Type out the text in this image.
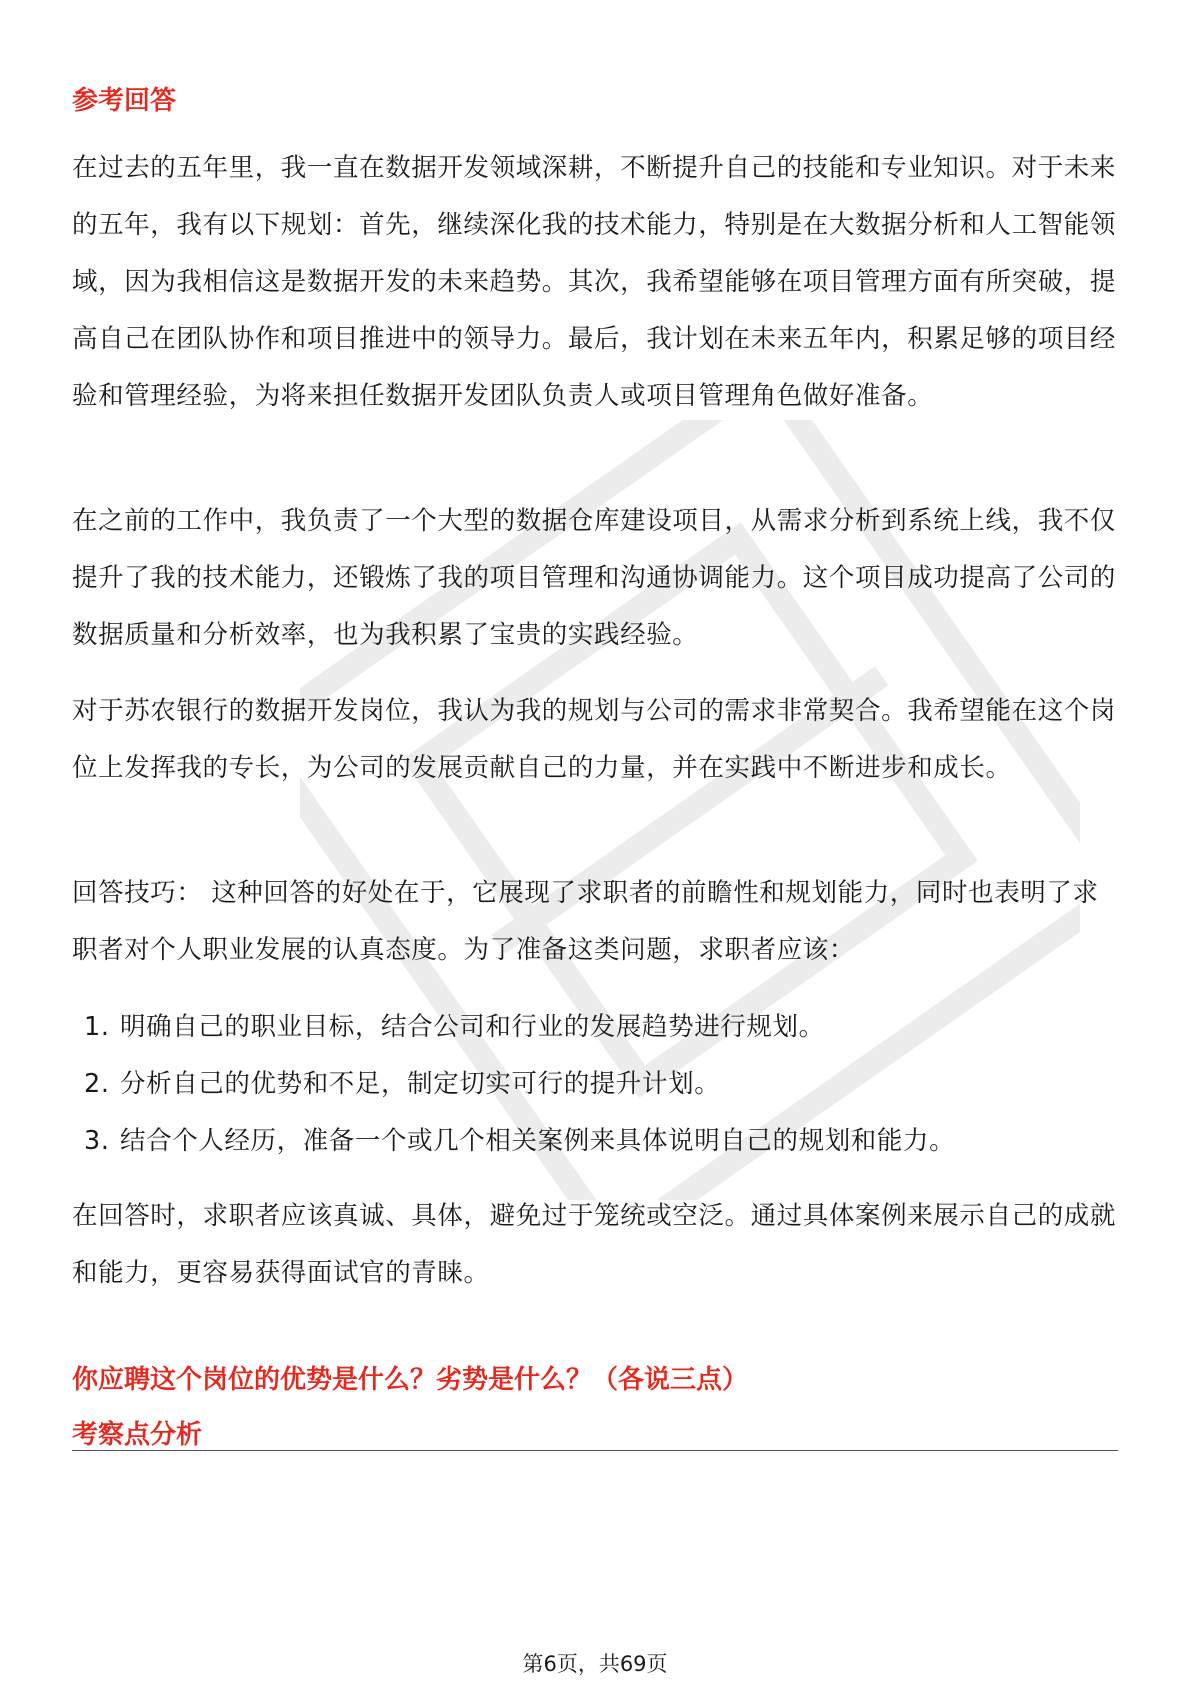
参考回答
在过去的五年里，我一直在数据开发领域深耕，不断提升自己的技能和专业知识。对于未来的五年，我有以下规划：首先，继续深化我的技术能力，特别是在大数据分析和人工智能领域，因为我相信这是数据开发的未来趋势。其次，我希望能够在项目管理方面有所突破，提高自己在团队协作和项目推进中的领导力。最后，我计划在未来五年内，积累足够的项目经验和管理经验，为将来担任数据开发团队负责人或项目管理角色做好准备。
在之前的工作中，我负责了一个大型的数据仓库建设项目，从需求分析到系统上线，我不仅提升了我的技术能力，还锻炼了我的项目管理和沟通协调能力。这个项目成功提高了公司的数据质量和分析效率，也为我积累了宝贵的实践经验。
对于苏农银行的数据开发岗位，我认为我的规划与公司的需求非常契合。我希望能在这个岗位上发挥我的专长，为公司的发展贡献自己的力量，并在实践中不断进步和成长。
回答技巧： 这种回答的好处在于，它展现了求职者的前瞻性和规划能力，同时也表明了求职者对个人职业发展的认真态度。为了准备这类问题，求职者应该：
1. 明确自己的职业目标，结合公司和行业的发展趋势进行规划。
2. 分析自己的优势和不足，制定切实可行的提升计划。
3. 结合个人经历，准备一个或几个相关案例来具体说明自己的规划和能力。
在回答时，求职者应该真诚、具体，避免过于笼统或空泛。通过具体案例来展示自己的成就和能力，更容易获得面试官的青睐。
你应聘这个岗位的优势是什么？劣势是什么？（各说三点）
考察点分析
第6页，共69页
